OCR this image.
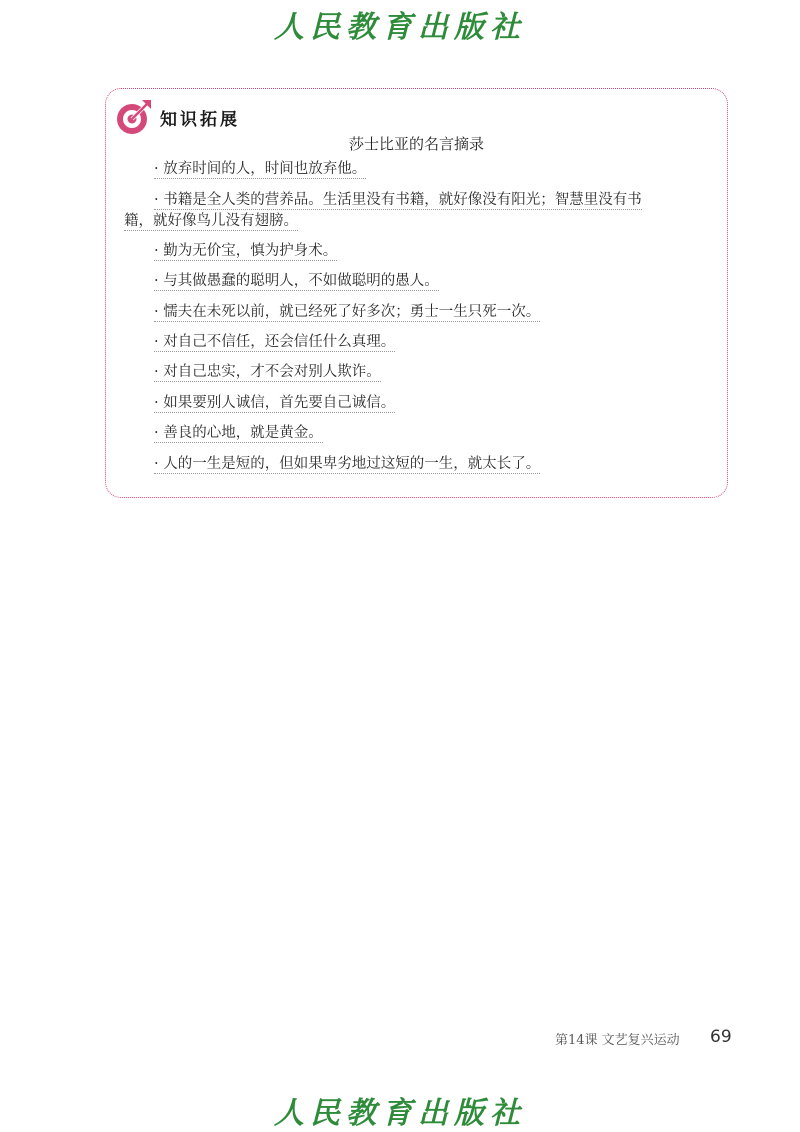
人民教育出版社
知识拓展
莎士比亚的名言摘录
· 放弃时间的人，时间也放弃他。
· 书籍是全人类的营养品。生活里没有书籍，就好像没有阳光；智慧里没有书
籍，就好像鸟儿没有翅膀。
· 勤为无价宝，慎为护身术。
· 与其做愚蠢的聪明人，不如做聪明的愚人。
· 懦夫在未死以前，就已经死了好多次；勇士一生只死一次。
· 对自己不信任，还会信任什么真理。
· 对自己忠实，才不会对别人欺诈。
· 如果要别人诚信，首先要自己诚信。
· 善良的心地，就是黄金。
· 人的一生是短的，但如果卑劣地过这短的一生，就太长了。
第14课 文艺复兴运动 69
人民教育出版社
